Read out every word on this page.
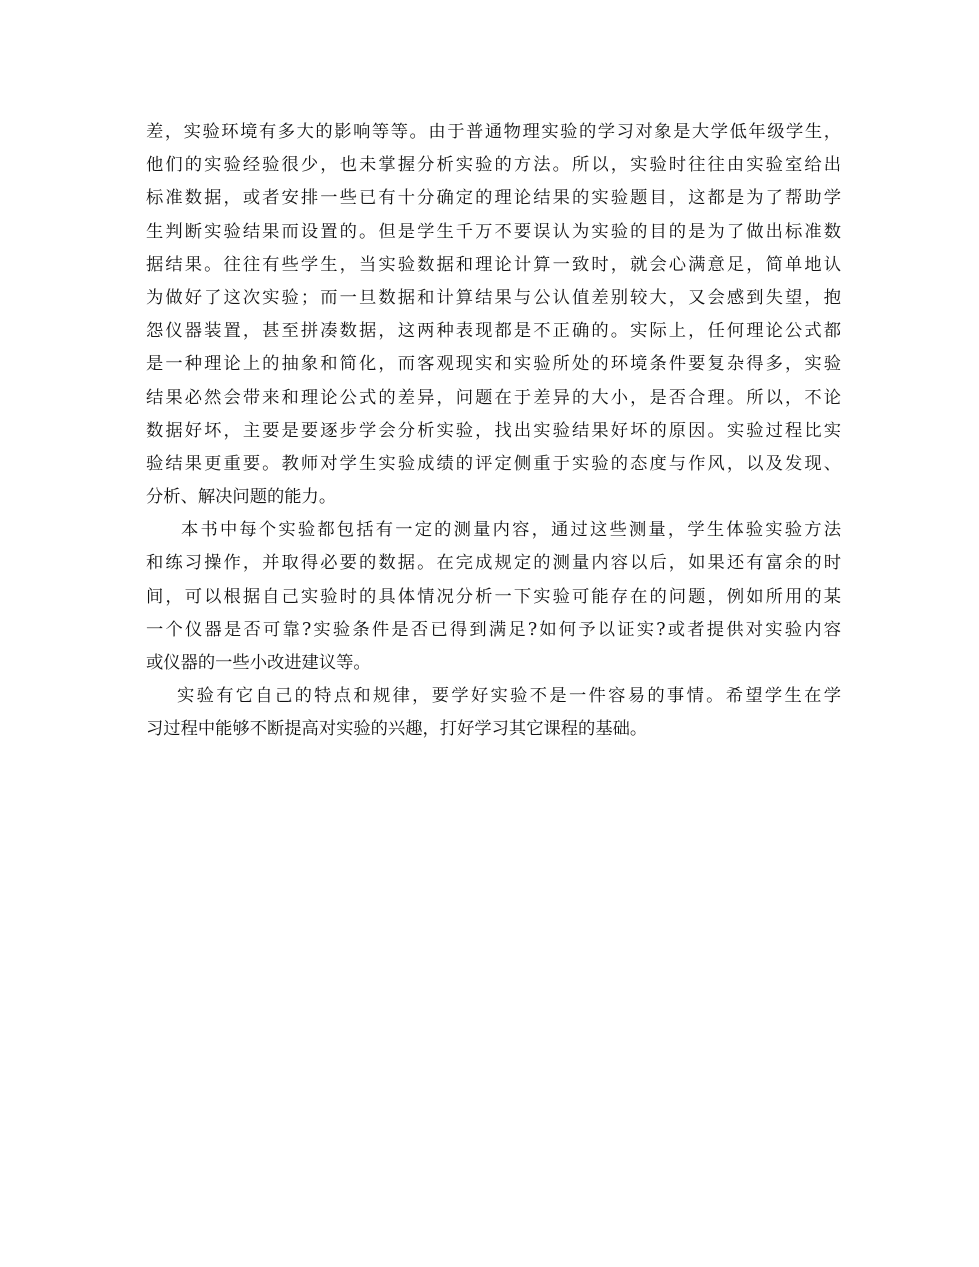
差，实验环境有多大的影响等等。由于普通物理实验的学习对象是大学低年级学生，
他们的实验经验很少，也未掌握分析实验的方法。所以，实验时往往由实验室给出
标准数据，或者安排一些已有十分确定的理论结果的实验题目，这都是为了帮助学
生判断实验结果而设置的。但是学生千万不要误认为实验的目的是为了做出标准数
据结果。往往有些学生，当实验数据和理论计算一致时，就会心满意足，简单地认
为做好了这次实验；而一旦数据和计算结果与公认值差别较大，又会感到失望，抱
怨仪器装置，甚至拼凑数据，这两种表现都是不正确的。实际上，任何理论公式都
是一种理论上的抽象和简化，而客观现实和实验所处的环境条件要复杂得多，实验
结果必然会带来和理论公式的差异，问题在于差异的大小，是否合理。所以，不论
数据好坏，主要是要逐步学会分析实验，找出实验结果好坏的原因。实验过程比实
验结果更重要。教师对学生实验成绩的评定侧重于实验的态度与作风，以及发现、
分析、解决问题的能力。
本书中每个实验都包括有一定的测量内容，通过这些测量，学生体验实验方法
和练习操作，并取得必要的数据。在完成规定的测量内容以后，如果还有富余的时
间，可以根据自己实验时的具体情况分析一下实验可能存在的问题，例如所用的某
一个仪器是否可靠?实验条件是否已得到满足?如何予以证实?或者提供对实验内容
或仪器的一些小改进建议等。
实验有它自己的特点和规律，要学好实验不是一件容易的事情。希望学生在学
习过程中能够不断提高对实验的兴趣，打好学习其它课程的基础。
